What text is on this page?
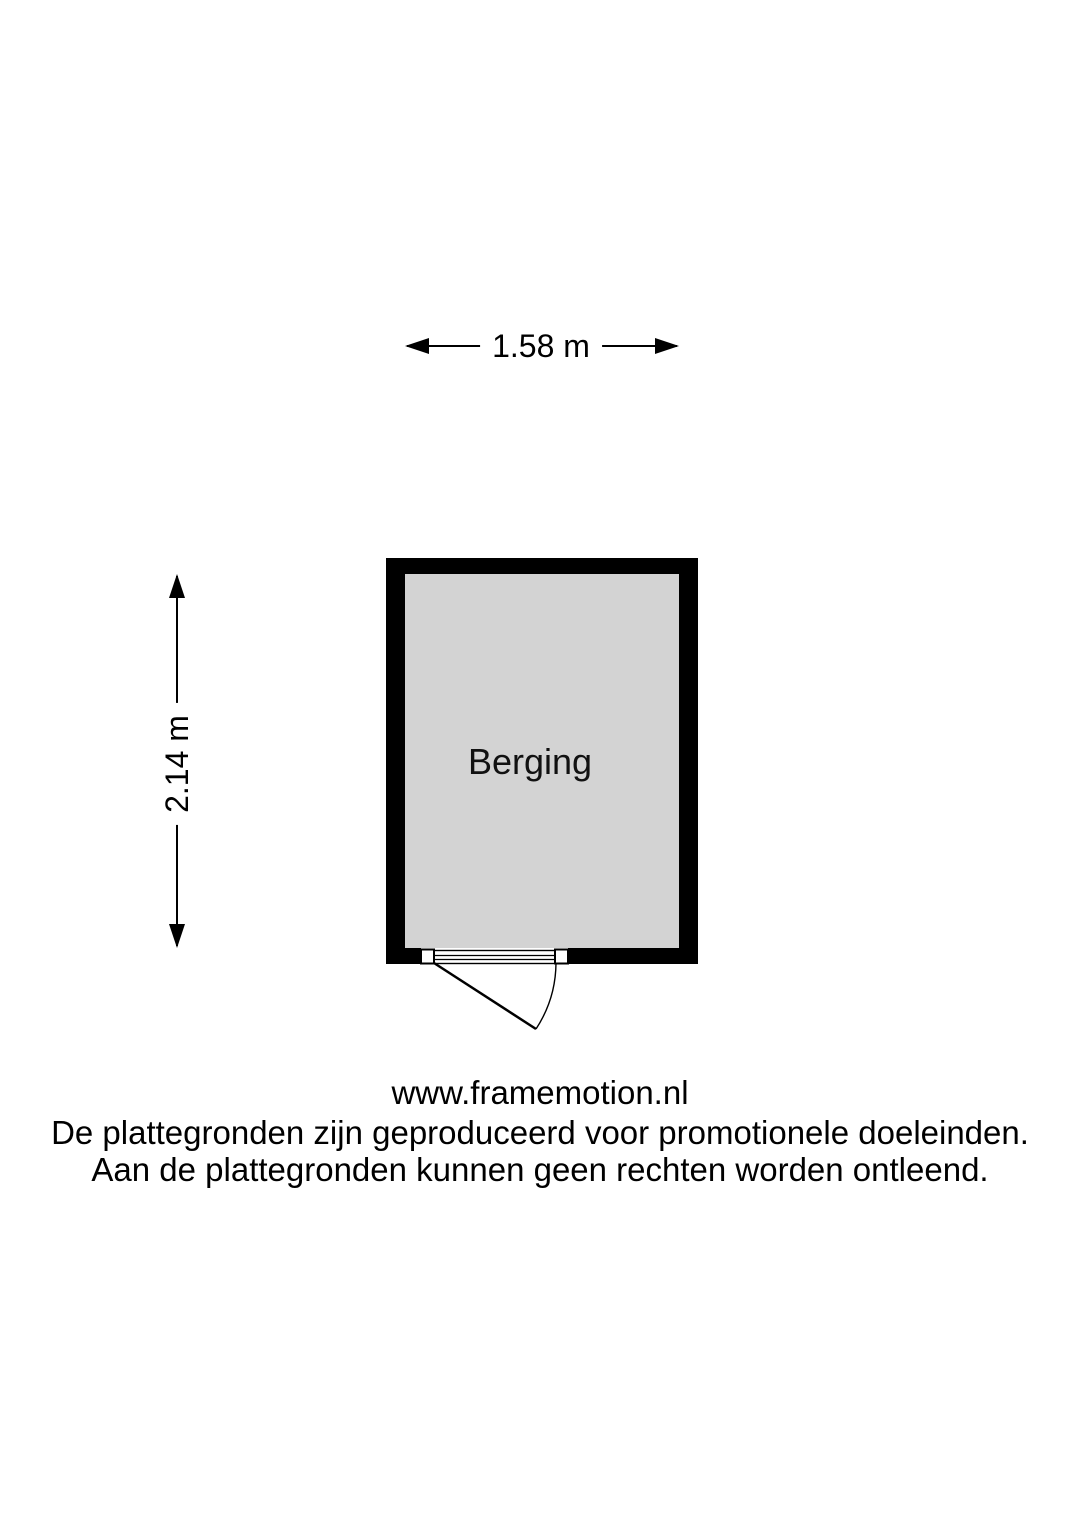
1.58 m
2.14 m	Berging
www.framemotion.nl
De plattegronden zijn geproduceerd voor promotionele doeleinden.
Aan de plattegronden kunnen geen rechten worden ontleend.
